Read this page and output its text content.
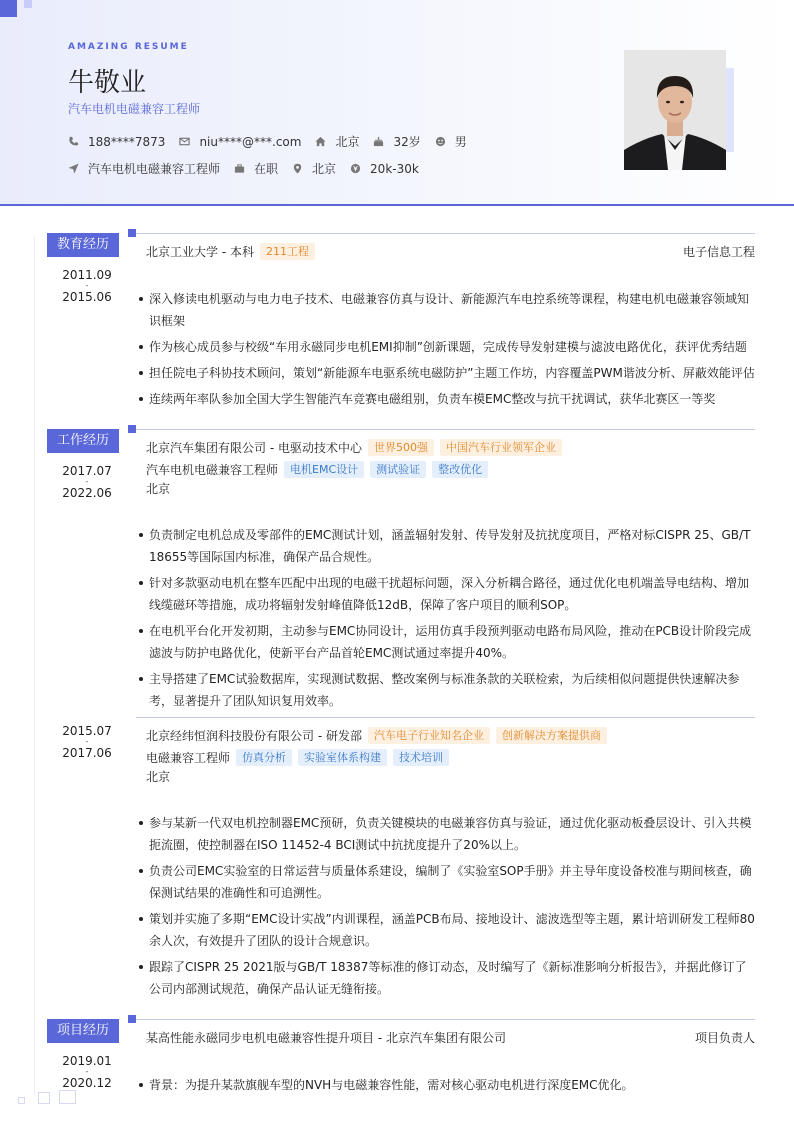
AMAZING RESUME
牛敬业
汽车电机电磁兼容工程师
188****7873	niu****@***.com	北京	32岁	男
汽车电机电磁兼容工程师	在职	北京	20k-30k
教育经历
2011.09
-
2015.06
北京工业大学 - 本科	211工程	电子信息工程
深入修读电机驱动与电力电子技术、电磁兼容仿真与设计、新能源汽车电控系统等课程，构建电机电磁兼容领域知识框架
作为核心成员参与校级“车用永磁同步电机EMI抑制”创新课题，完成传导发射建模与滤波电路优化，获评优秀结题
担任院电子科协技术顾问，策划“新能源车电驱系统电磁防护”主题工作坊，内容覆盖PWM谐波分析、屏蔽效能评估
连续两年率队参加全国大学生智能汽车竞赛电磁组别，负责车模EMC整改与抗干扰调试，获华北赛区一等奖
工作经历
2017.07
-
2022.06
北京汽车集团有限公司 - 电驱动技术中心	世界500强	中国汽车行业领军企业
汽车电机电磁兼容工程师	电机EMC设计	测试验证	整改优化
北京
负责制定电机总成及零部件的EMC测试计划，涵盖辐射发射、传导发射及抗扰度项目，严格对标CISPR 25、GB/T 18655等国际国内标准，确保产品合规性。
针对多款驱动电机在整车匹配中出现的电磁干扰超标问题，深入分析耦合路径，通过优化电机端盖导电结构、增加线缆磁环等措施，成功将辐射发射峰值降低12dB，保障了客户项目的顺利SOP。
在电机平台化开发初期，主动参与EMC协同设计，运用仿真手段预判驱动电路布局风险，推动在PCB设计阶段完成滤波与防护电路优化，使新平台产品首轮EMC测试通过率提升40%。
主导搭建了EMC试验数据库，实现测试数据、整改案例与标准条款的关联检索，为后续相似问题提供快速解决参考，显著提升了团队知识复用效率。
2015.07
-
2017.06
北京经纬恒润科技股份有限公司 - 研发部	汽车电子行业知名企业	创新解决方案提供商
电磁兼容工程师	仿真分析	实验室体系构建	技术培训
北京
参与某新一代双电机控制器EMC预研，负责关键模块的电磁兼容仿真与验证，通过优化驱动板叠层设计、引入共模扼流圈，使控制器在ISO 11452-4 BCI测试中抗扰度提升了20%以上。
负责公司EMC实验室的日常运营与质量体系建设，编制了《实验室SOP手册》并主导年度设备校准与期间核查，确保测试结果的准确性和可追溯性。
策划并实施了多期“EMC设计实战”内训课程，涵盖PCB布局、接地设计、滤波选型等主题，累计培训研发工程师80余人次，有效提升了团队的设计合规意识。
跟踪了CISPR 25 2021版与GB/T 18387等标准的修订动态，及时编写了《新标准影响分析报告》，并据此修订了公司内部测试规范，确保产品认证无缝衔接。
项目经历
2019.01
-
2020.12
某高性能永磁同步电机电磁兼容性提升项目 - 北京汽车集团有限公司	项目负责人
背景：为提升某款旗舰车型的NVH与电磁兼容性能，需对核心驱动电机进行深度EMC优化。
